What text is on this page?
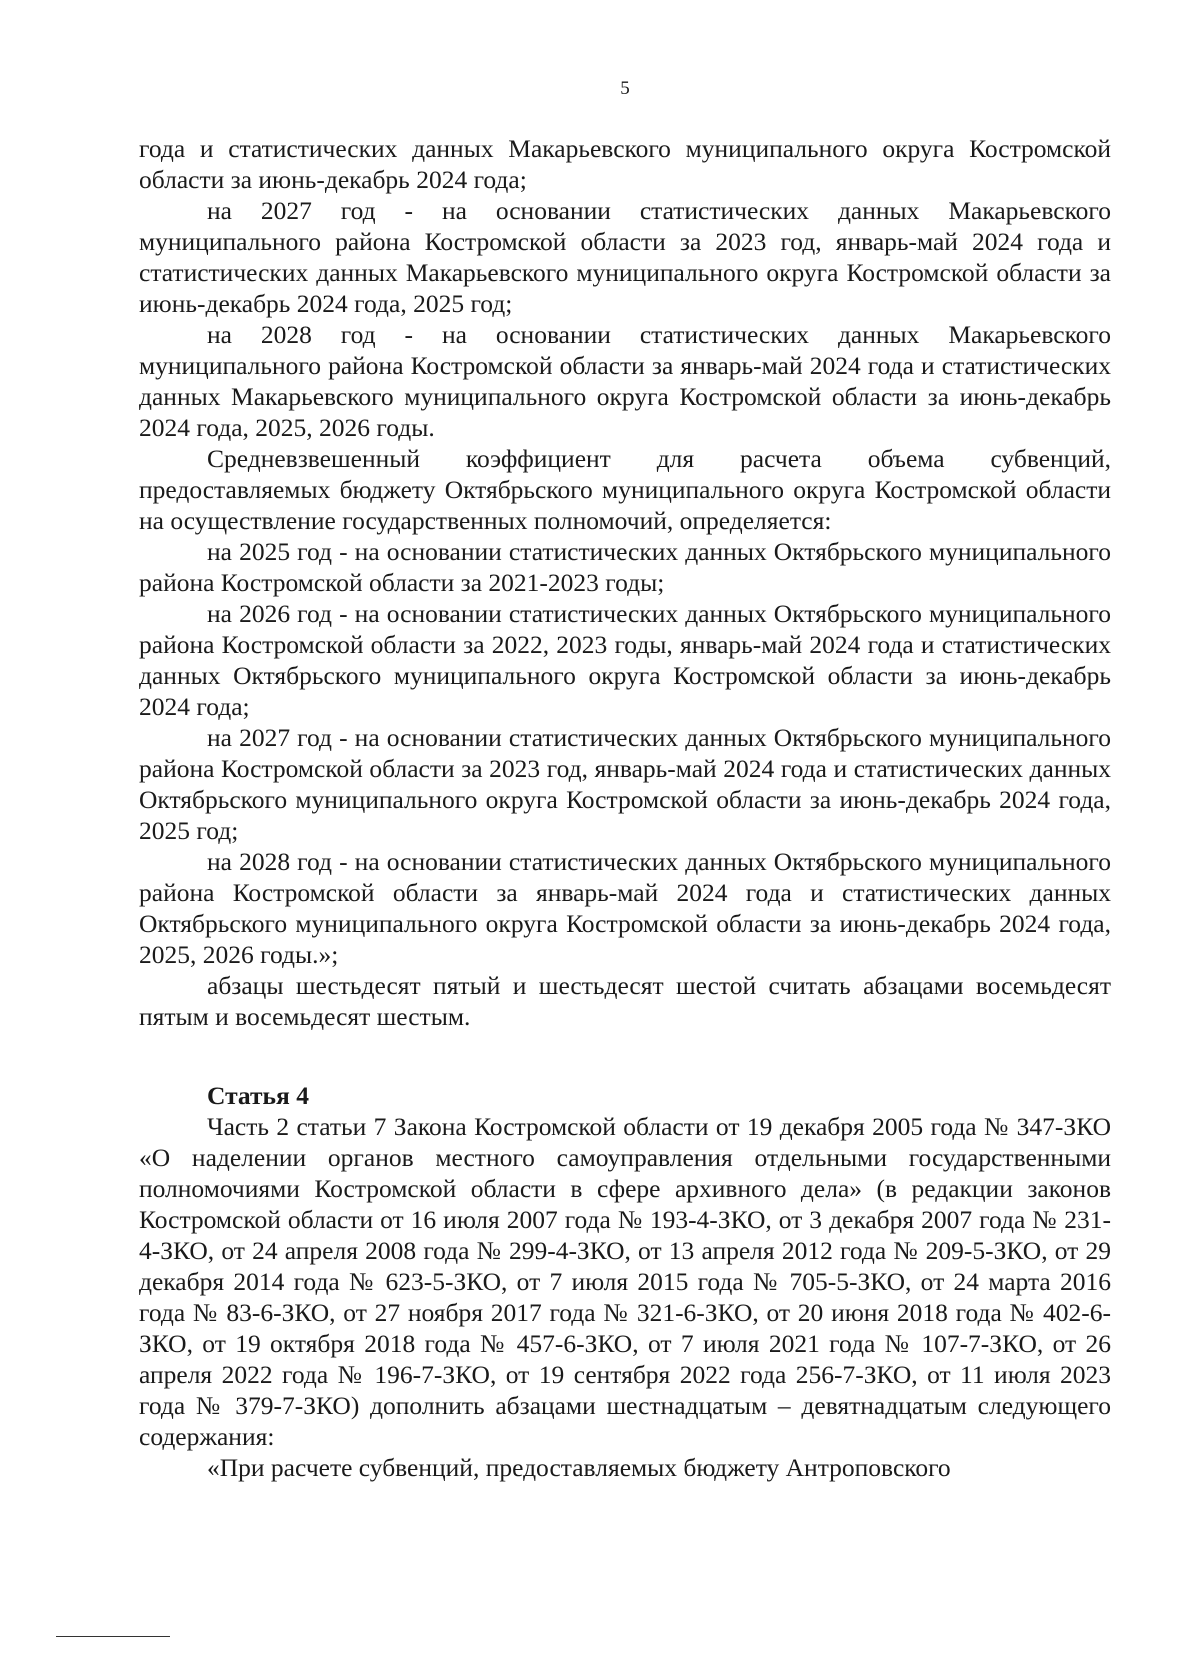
5

года и статистических данных Макарьевского муниципального округа Костромской области за июнь-декабрь 2024 года;

на 2027 год - на основании статистических данных Макарьевского муниципального района Костромской области за 2023 год, январь-май 2024 года и статистических данных Макарьевского муниципального округа Костромской области за июнь-декабрь 2024 года, 2025 год;

на 2028 год - на основании статистических данных Макарьевского муниципального района Костромской области за январь-май 2024 года и статистических данных Макарьевского муниципального округа Костромской области за июнь-декабрь 2024 года, 2025, 2026 годы.

Средневзвешенный коэффициент для расчета объема субвенций, предоставляемых бюджету Октябрьского муниципального округа Костромской области на осуществление государственных полномочий, определяется:

на 2025 год - на основании статистических данных Октябрьского муниципального района Костромской области за 2021-2023 годы;

на 2026 год - на основании статистических данных Октябрьского муниципального района Костромской области за 2022, 2023 годы, январь-май 2024 года и статистических данных Октябрьского муниципального округа Костромской области за июнь-декабрь 2024 года;

на 2027 год - на основании статистических данных Октябрьского муниципального района Костромской области за 2023 год, январь-май 2024 года и статистических данных Октябрьского муниципального округа Костромской области за июнь-декабрь 2024 года, 2025 год;

на 2028 год - на основании статистических данных Октябрьского муниципального района Костромской области за январь-май 2024 года и статистических данных Октябрьского муниципального округа Костромской области за июнь-декабрь 2024 года, 2025, 2026 годы.»;

абзацы шестьдесят пятый и шестьдесят шестой считать абзацами восемьдесят пятым и восемьдесят шестым.

Статья 4

Часть 2 статьи 7 Закона Костромской области от 19 декабря 2005 года № 347-ЗКО «О наделении органов местного самоуправления отдельными государственными полномочиями Костромской области в сфере архивного дела» (в редакции законов Костромской области от 16 июля 2007 года № 193-4-ЗКО, от 3 декабря 2007 года № 231-4-ЗКО, от 24 апреля 2008 года № 299-4-ЗКО, от 13 апреля 2012 года № 209-5-ЗКО, от 29 декабря 2014 года № 623-5-ЗКО, от 7 июля 2015 года № 705-5-ЗКО, от 24 марта 2016 года № 83-6-ЗКО, от 27 ноября 2017 года № 321-6-ЗКО, от 20 июня 2018 года № 402-6-ЗКО, от 19 октября 2018 года № 457-6-ЗКО, от 7 июля 2021 года № 107-7-ЗКО, от 26 апреля 2022 года № 196-7-ЗКО, от 19 сентября 2022 года 256-7-ЗКО, от 11 июля 2023 года № 379-7-ЗКО) дополнить абзацами шестнадцатым – девятнадцатым следующего содержания:

«При расчете субвенций, предоставляемых бюджету Антроповского
